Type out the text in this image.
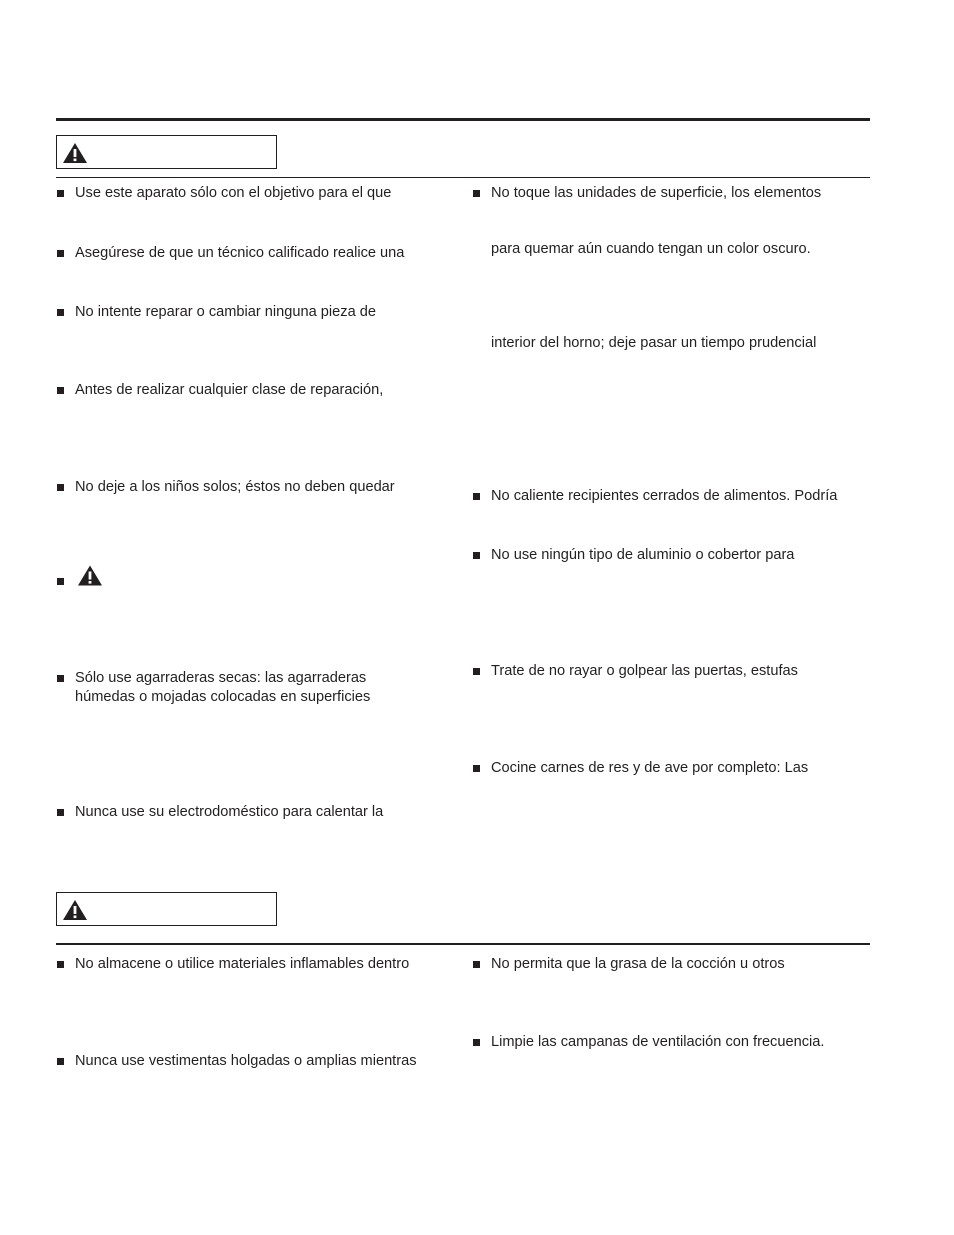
Use este aparato sólo con el objetivo para el que
Asegúrese de que un técnico calificado realice una
No intente reparar o cambiar ninguna pieza de
Antes de realizar cualquier clase de reparación,
No deje a los niños solos; éstos no deben quedar
Sólo use agarraderas secas: las agarraderas
húmedas o mojadas colocadas en superficies
Nunca use su electrodoméstico para calentar la
No toque las unidades de superficie, los elementos
para quemar aún cuando tengan un color oscuro.
interior del horno; deje pasar un tiempo prudencial
No caliente recipientes cerrados de alimentos. Podría
No use ningún tipo de aluminio o cobertor para
Trate de no rayar o golpear las puertas, estufas
Cocine carnes de res y de ave por completo: Las
No almacene o utilice materiales inflamables dentro
Nunca use vestimentas holgadas o amplias mientras
No permita que la grasa de la cocción u otros
Limpie las campanas de ventilación con frecuencia.
